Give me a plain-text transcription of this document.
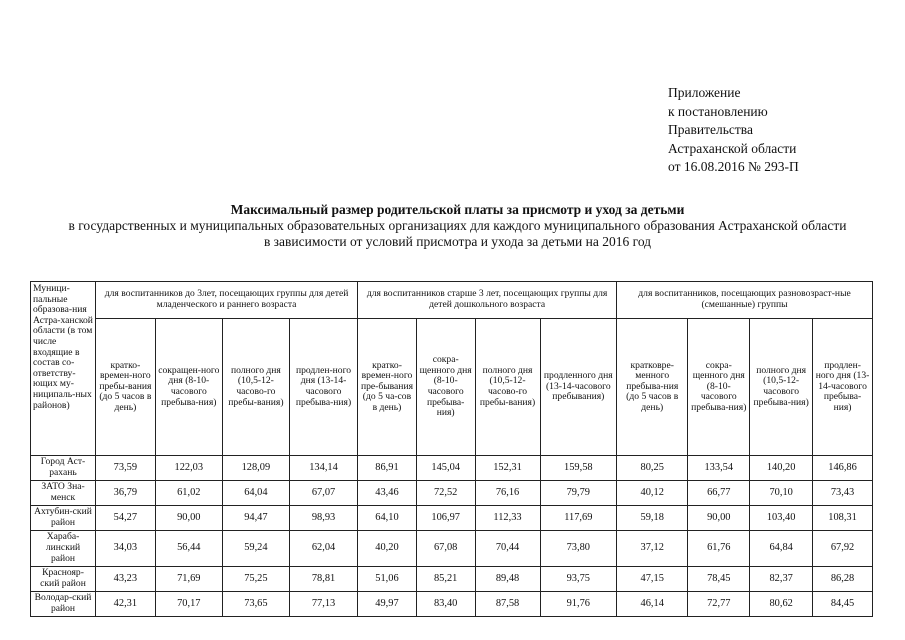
Приложение
к постановлению
Правительства
Астраханской области
от 16.08.2016 № 293-П
Максимальный размер родительской платы за присмотр и уход за детьми
в государственных и муниципальных образовательных организациях для каждого муниципального образования Астраханской области
в зависимости от условий присмотра и ухода за детьми на 2016 год
Муници-пальные образова-ния Астра-ханской области (в том числе входящие в состав со-ответству-ющих му-ниципаль-ных районов)	для воспитанников до 3лет, посещающих группы для детей младенческого и раннего возраста				для воспитанников старше 3 лет, посещающих группы для детей дошкольного возраста				для воспитанников, посещающих разновозраст-ные (смешанные) группы			
	кратко-времен-ного пребы-вания (до 5 часов в день)	сокращен-ного дня (8-10-часового пребыва-ния)	полного дня (10,5-12- часово-го пребы-вания)	продлен-ного дня (13-14-часового пребыва-ния)	кратко-времен-ного пре-бывания (до 5 ча-сов в день)	сокра-щенного дня (8-10-часового пребыва-ния)	полного дня (10,5-12- часово-го пребы-вания)	продленного дня (13-14-часового пребывания)	кратковре-менного пребыва-ния (до 5 часов в день)	сокра-щенного дня (8-10-часового пребыва-ния)	полного дня (10,5-12-часового пребыва-ния)	продлен-ного дня (13-14-часового пребыва-ния)
Город Аст-рахань	73,59	122,03	128,09	134,14	86,91	145,04	152,31	159,58	80,25	133,54	140,20	146,86
ЗАТО Зна-менск	36,79	61,02	64,04	67,07	43,46	72,52	76,16	79,79	40,12	66,77	70,10	73,43
Ахтубин-ский район	54,27	90,00	94,47	98,93	64,10	106,97	112,33	117,69	59,18	90,00	103,40	108,31
Хараба-линский район	34,03	56,44	59,24	62,04	40,20	67,08	70,44	73,80	37,12	61,76	64,84	67,92
Краснояр-ский район	43,23	71,69	75,25	78,81	51,06	85,21	89,48	93,75	47,15	78,45	82,37	86,28
Володар-ский район	42,31	70,17	73,65	77,13	49,97	83,40	87,58	91,76	46,14	72,77	80,62	84,45
